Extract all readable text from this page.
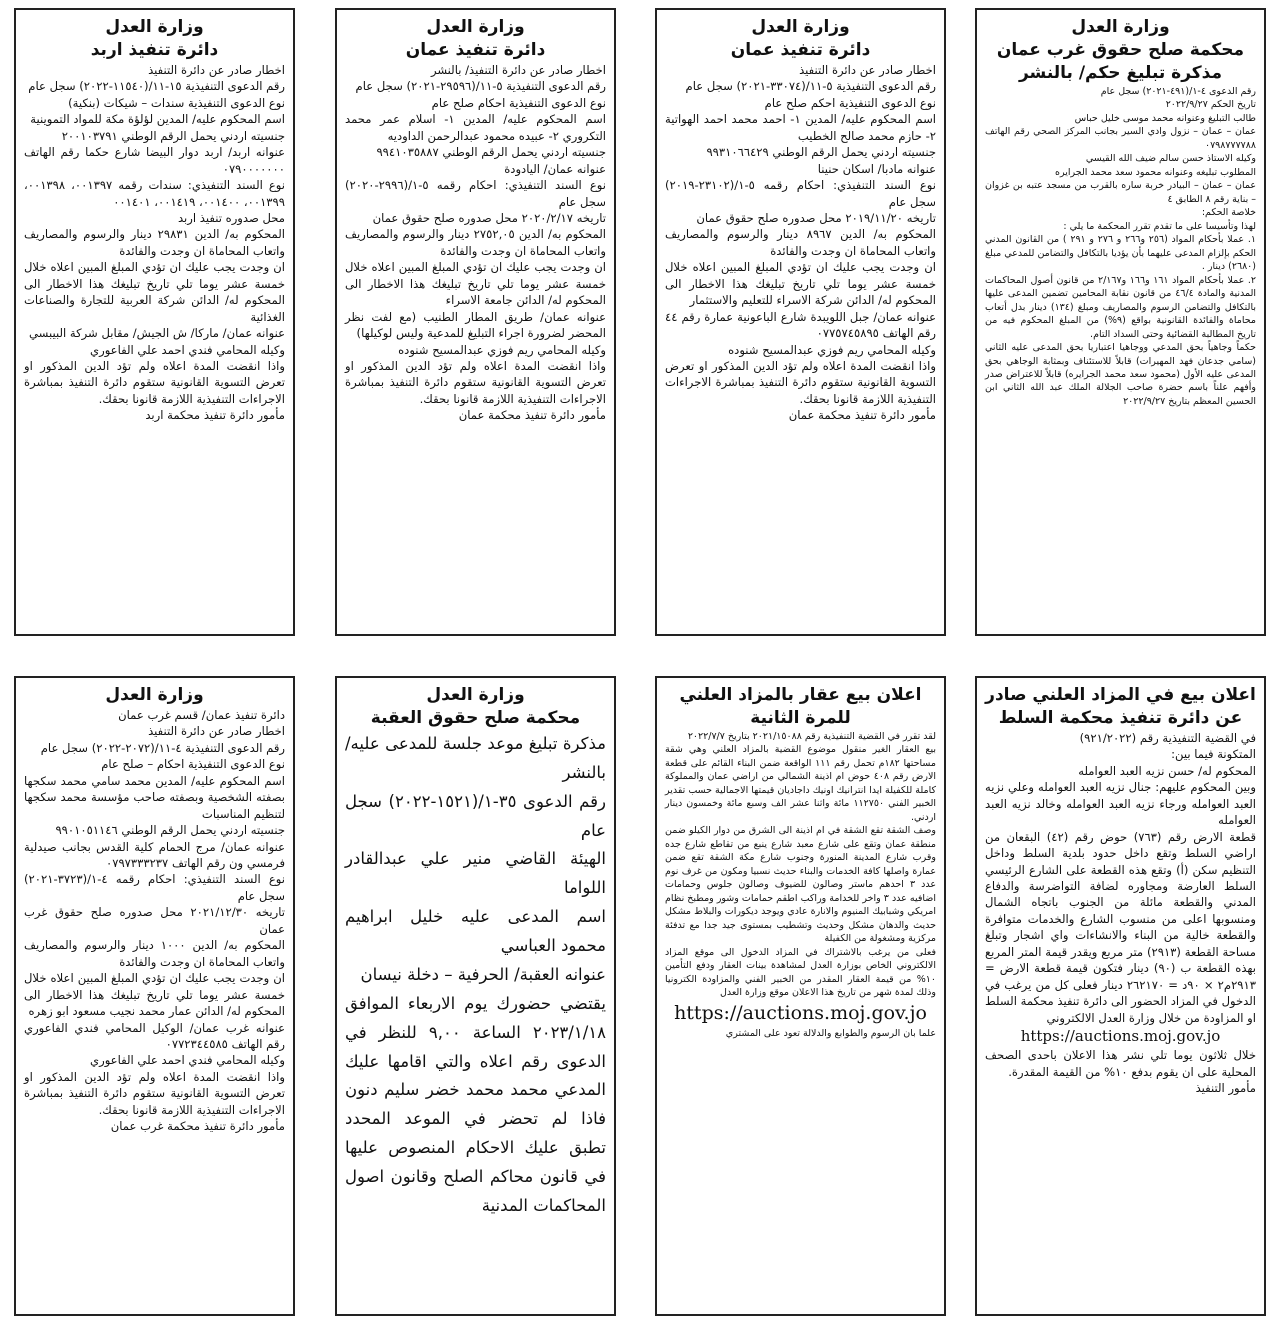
وزارة العدل
محكمة صلح حقوق غرب عمان
مذكرة تبليغ حكم/ بالنشر

رقم الدعوى ٤-١/(٤٩١-٢٠٢١) سجل عام

تاريخ الحكم ٢٠٢٢/٩/٢٧

طالب التبليغ وعنوانه محمد موسى خليل حباس

عمان – عمان – نزول وادي السير بجانب المركز الصحي رقم الهاتف ٠٧٩٨٧٧٧٧٨٨

وكيله الاستاذ حسن سالم ضيف الله القيسي

المطلوب تبليغه وعنوانه محمود سعد محمد الجرايره

عمان – عمان – البيادر خربة ساره بالقرب من مسجد عتبه بن غزوان – بناية رقم ٨ الطابق ٤

خلاصة الحكم:

لهذا وتأسيسا على ما تقدم تقرر المحكمة ما يلي :

١. عملا بأحكام المواد (٢٥٦ و٢٦٦ و ٢٧٦ و ٢٩١ ) من القانون المدني الحكم بإلزام المدعى عليهما بأن يؤديا بالتكافل والتضامن للمدعي مبلغ (٢٦٨٠) دينار .

٢. عملا بأحكام المواد ١٦١ و١٦٦ و٢/١٦٧ من قانون أصول المحاكمات المدنية والمادة ٤٦/٤ من قانون نقابة المحامين تضمين المدعى عليها بالتكافل والتضامن الرسوم والمصاريف ومبلغ (١٣٤) دينار بدل أتعاب محاماة والفائدة القانونية بواقع (٩%) من المبلغ المحكوم فيه من تاريخ المطالبة القضائية وحتى السداد التام.

حكماً وجاهياً بحق المدعي ووجاهيا اعتباريا بحق المدعى عليه الثاني (سامي جدعان فهد المهيرات) قابلاً للاستئناف وبمثابة الوجاهي بحق المدعى عليه الأول (محمود سعد محمد الجرايره) قابلاً للاعتراض صدر وأفهم علناً باسم حضرة صاحب الجلالة الملك عبد الله الثاني ابن الحسين المعظم بتاريخ ٢٠٢٢/٩/٢٧

وزارة العدل
دائرة تنفيذ عمان

اخطار صادر عن دائرة التنفيذ

رقم الدعوى التنفيذية ٥-١١/(٣٣٠٧٤-٢٠٢١) سجل عام

نوع الدعوى التنفيذية احكم صلح عام

اسم المحكوم عليه/ المدين ١- احمد محمد احمد الهواتية ٢- حازم محمد صالح الخطيب

جنسيته اردني يحمل الرقم الوطني ٩٩٣١٠٦٦٤٢٩

عنوانه مادبا/ اسكان حنينا

نوع السند التنفيذي: احكام رقمه ٥-١/(٢٣١٠٢-٢٠١٩) سجل عام

تاريخه ٢٠١٩/١١/٢٠ محل صدوره صلح حقوق عمان

المحكوم به/ الدين ٨٩٦٧ دينار والرسوم والمصاريف واتعاب المحاماة ان وجدت والفائدة

ان وجدت يجب عليك ان تؤدي المبلغ المبين اعلاه خلال خمسة عشر يوما تلي تاريخ تبليغك هذا الاخطار الى المحكوم له/ الدائن شركة الاسراء للتعليم والاستثمار

عنوانه عمان/ جبل اللويبدة شارع الباعونية عمارة رقم ٤٤ رقم الهاتف ٠٧٧٥٧٤٥٨٩٥

وكيله المحامي ريم فوزي عبدالمسيح شنوده

واذا انقضت المدة اعلاه ولم تؤد الدين المذكور او تعرض التسوية القانونية ستقوم دائرة التنفيذ بمباشرة الاجراءات التنفيذية اللازمة قانونا بحقك.

مأمور دائرة تنفيذ محكمة عمان

وزارة العدل
دائرة تنفيذ عمان

اخطار صادر عن دائرة التنفيذ/ بالنشر

رقم الدعوى التنفيذية ٥-١١/(٢٩٥٩٦-٢٠٢١) سجل عام

نوع الدعوى التنفيذية احكام صلح عام

اسم المحكوم عليه/ المدين ١- اسلام عمر محمد التكروري ٢- عبيده محمود عبدالرحمن الداوديه

جنسيته اردني يحمل الرقم الوطني ٩٩٤١٠٣٥٨٨٧

عنوانه عمان/ اليادودة

نوع السند التنفيذي: احكام رقمه ٥-١/(٢٩٩٦-٢٠٢٠) سجل عام

تاريخه ٢٠٢٠/٢/١٧ محل صدوره صلح حقوق عمان

المحكوم به/ الدين ٢٧٥٢,٠٥ دينار والرسوم والمصاريف واتعاب المحاماة ان وجدت والفائدة

ان وجدت يجب عليك ان تؤدي المبلغ المبين اعلاه خلال خمسة عشر يوما تلي تاريخ تبليغك هذا الاخطار الى المحكوم له/ الدائن جامعة الاسراء

عنوانه عمان/ طريق المطار الطنيب (مع لفت نظر المحضر لضرورة اجراء التبليغ للمدعية وليس لوكيلها)

وكيله المحامي ريم فوزي عبدالمسيح شنوده

واذا انقضت المدة اعلاه ولم تؤد الدين المذكور او تعرض التسوية القانونية ستقوم دائرة التنفيذ بمباشرة الاجراءات التنفيذية اللازمة قانونا بحقك.

مأمور دائرة تنفيذ محكمة عمان

وزارة العدل
دائرة تنفيذ اربد

اخطار صادر عن دائرة التنفيذ

رقم الدعوى التنفيذية ١٥-١١/(١١٥٤٠-٢٠٢٢) سجل عام

نوع الدعوى التنفيذية سندات – شيكات (بنكية)

اسم المحكوم عليه/ المدين لؤلؤة مكة للمواد التموينية

جنسيته اردني يحمل الرقم الوطني ٢٠٠١٠٣٧٩١

عنوانه اربد/ اربد دوار البيضا شارع حكما رقم الهاتف ٠٧٩٠٠٠٠٠٠٠

نوع السند التنفيذي: سندات رقمه ٠٠١٣٩٧، ٠٠١٣٩٨، ٠٠١٣٩٩، ٠٠١٤٠٠، ٠٠١٤١٩، ٠٠١٤٠١

محل صدوره تنفيذ اربد

المحكوم به/ الدين ٢٩٨٣١ دينار والرسوم والمصاريف واتعاب المحاماة ان وجدت والفائدة

ان وجدت يجب عليك ان تؤدي المبلغ المبين اعلاه خلال خمسة عشر يوما تلي تاريخ تبليغك هذا الاخطار الى المحكوم له/ الدائن شركة العربية للتجارة والصناعات الغذائية

عنوانه عمان/ ماركا/ ش الجيش/ مقابل شركة البيبسي

وكيله المحامي فندي احمد علي الفاعوري

واذا انقضت المدة اعلاه ولم تؤد الدين المذكور او تعرض التسوية القانونية ستقوم دائرة التنفيذ بمباشرة الاجراءات التنفيذية اللازمة قانونا بحقك.

مأمور دائرة تنفيذ محكمة اربد

اعلان بيع في المزاد العلني صادر عن دائرة تنفيذ محكمة السلط

في القضية التنفيذية رقم (٩٢١/٢٠٢٢)

المتكونة فيما بين:

المحكوم له/ حسن نزيه العبد العوامله

وبين المحكوم عليهم: جنال نزيه العبد العوامله وعلي نزيه العبد العوامله ورجاء نزيه العبد العوامله وخالد نزيه العبد العوامله

قطعة الارض رقم (٧٦٣) حوض رقم (٤٢) البقعان من اراضي السلط وتقع داخل حدود بلدية السلط وداخل التنظيم سكن (أ) وتقع هذه القطعة على الشارع الرئيسي السلط العارضة ومجاوره لضافة التواضرسة والدفاع المدني والقطعة مائلة من الجنوب باتجاه الشمال ومنسوبها اعلى من منسوب الشارع والخدمات متوافرة والقطعة خالية من البناء والانشاءات واي اشجار وتبلغ مساحة القطعة (٢٩١٣) متر مربع ويقدر قيمة المتر المربع بهذه القطعة ب (٩٠) دينار فتكون قيمة قطعة الارض = ٢٩١٣م٢ × ٩٠د = ٢٦٢١٧٠ دينار فعلى كل من يرغب في الدخول في المزاد الحضور الى دائرة تنفيذ محكمة السلط او المزاودة من خلال وزارة العدل الالكتروني

https://auctions.moj.gov.jo

خلال ثلاثون يوما تلي نشر هذا الاعلان باحدى الصحف المحلية على ان يقوم بدفع ١٠% من القيمة المقدرة.

مأمور التنفيذ

اعلان بيع عقار بالمزاد العلني
للمرة الثانية

لقد تقرر في القضية التنفيذية رقم ٢٠٢١/١٥٠٨٨ بتاريخ ٢٠٢٢/٧/٧

بيع العقار الغير منقول موضوع القضية بالمزاد العلني وهي شقة مساحتها ١٨٢م تحمل رقم ١١١ الواقعة ضمن البناء القائم على قطعة الارض رقم ٤٠٨ حوض ام اذينة الشمالي من اراضي عمان والمملوكة كاملة للكفيلة ايدا انترانيك اونيك داجاديان قيمتها الاجمالية حسب تقدير الخبير الفني ١١٢٧٥٠ مائة واثنا عشر الف وسبع مائة وخمسون دينار اردني.

وصف الشقة تقع الشقة في ام اذينة الى الشرق من دوار الكيلو ضمن منطقة عمان وتقع على شارع معبد شارع ينبع من تقاطع شارع جده وقرب شارع المدينة المنورة وجنوب شارع مكة الشقة تقع ضمن عمارة واصلها كافة الخدمات والبناء حديث نسبيا ومكون من غرف نوم عدد ٣ احدهم ماستر وصالون للضيوف وصالون جلوس وحمامات اضافيه عدد ٣ واخر للخدامة وراكب اطقم حمامات وشور ومطبخ نظام امريكي وشبابيك المنيوم والانارة عادي ويوجد ديكورات والبلاط مشكل حديث والدهان مشكل وحديث وتشطيب بمستوى جيد جدا مع تدفئة مركزية ومشغولة من الكفيلة

فعلى من يرغب بالاشتراك في المزاد الدخول الى موقع المزاد الالكتروني الخاص بوزارة العدل لمشاهدة بينات العقار ودفع التأمين ١٠% من قيمة العقار المقدر من الخبير الفني والمزاودة الكترونيا وذلك لمدة شهر من تاريخ هذا الاعلان موقع وزارة العدل

https://auctions.moj.gov.jo

علما بان الرسوم والطوابع والدلالة تعود على المشتري

وزارة العدل
محكمة صلح حقوق العقبة

مذكرة تبليغ موعد جلسة للمدعى عليه/ بالنشر

رقم الدعوى ٣٥-١/(١٥٢١-٢٠٢٢) سجل عام

الهيئة القاضي منير علي عبدالقادر اللواما

اسم المدعى عليه خليل ابراهيم محمود العباسي

عنوانه العقبة/ الحرفية – دخلة نيسان

يقتضي حضورك يوم الاربعاء الموافق ٢٠٢٣/١/١٨ الساعة ٩,٠٠ للنظر في الدعوى رقم اعلاه والتي اقامها عليك المدعي محمد محمد خضر سليم دنون فاذا لم تحضر في الموعد المحدد تطبق عليك الاحكام المنصوص عليها في قانون محاكم الصلح وقانون اصول المحاكمات المدنية

وزارة العدل

دائرة تنفيذ عمان/ قسم غرب عمان

اخطار صادر عن دائرة التنفيذ

رقم الدعوى التنفيذية ٤-١١/(٢٠٧٢-٢٠٢٢) سجل عام

نوع الدعوى التنفيذية احكام – صلح عام

اسم المحكوم عليه/ المدين محمد سامي محمد سكجها بصفته الشخصية وبصفته صاحب مؤسسة محمد سكجها لتنظيم المناسبات

جنسيته اردني يحمل الرقم الوطني ٩٩٠١٠٥١١٤٦

عنوانه عمان/ مرج الحمام كلية القدس بجانب صيدلية فرمسي ون رقم الهاتف ٠٧٩٧٣٣٣٢٣٧

نوع السند التنفيذي: احكام رقمه ٤-١/(٣٧٢٣-٢٠٢١) سجل عام

تاريخه ٢٠٢١/١٢/٣٠ محل صدوره صلح حقوق غرب عمان

المحكوم به/ الدين ١٠٠٠ دينار والرسوم والمصاريف واتعاب المحاماة ان وجدت والفائدة

ان وجدت يجب عليك ان تؤدي المبلغ المبين اعلاه خلال خمسة عشر يوما تلي تاريخ تبليغك هذا الاخطار الى المحكوم له/ الدائن عمار محمد نجيب مسعود ابو زهره

عنوانه غرب عمان/ الوكيل المحامي فندي الفاعوري رقم الهاتف ٠٧٧٢٣٤٤٥٨٥

وكيله المحامي فندي احمد علي الفاعوري

واذا انقضت المدة اعلاه ولم تؤد الدين المذكور او تعرض التسوية القانونية ستقوم دائرة التنفيذ بمباشرة الاجراءات التنفيذية اللازمة قانونا بحقك.

مأمور دائرة تنفيذ محكمة غرب عمان
